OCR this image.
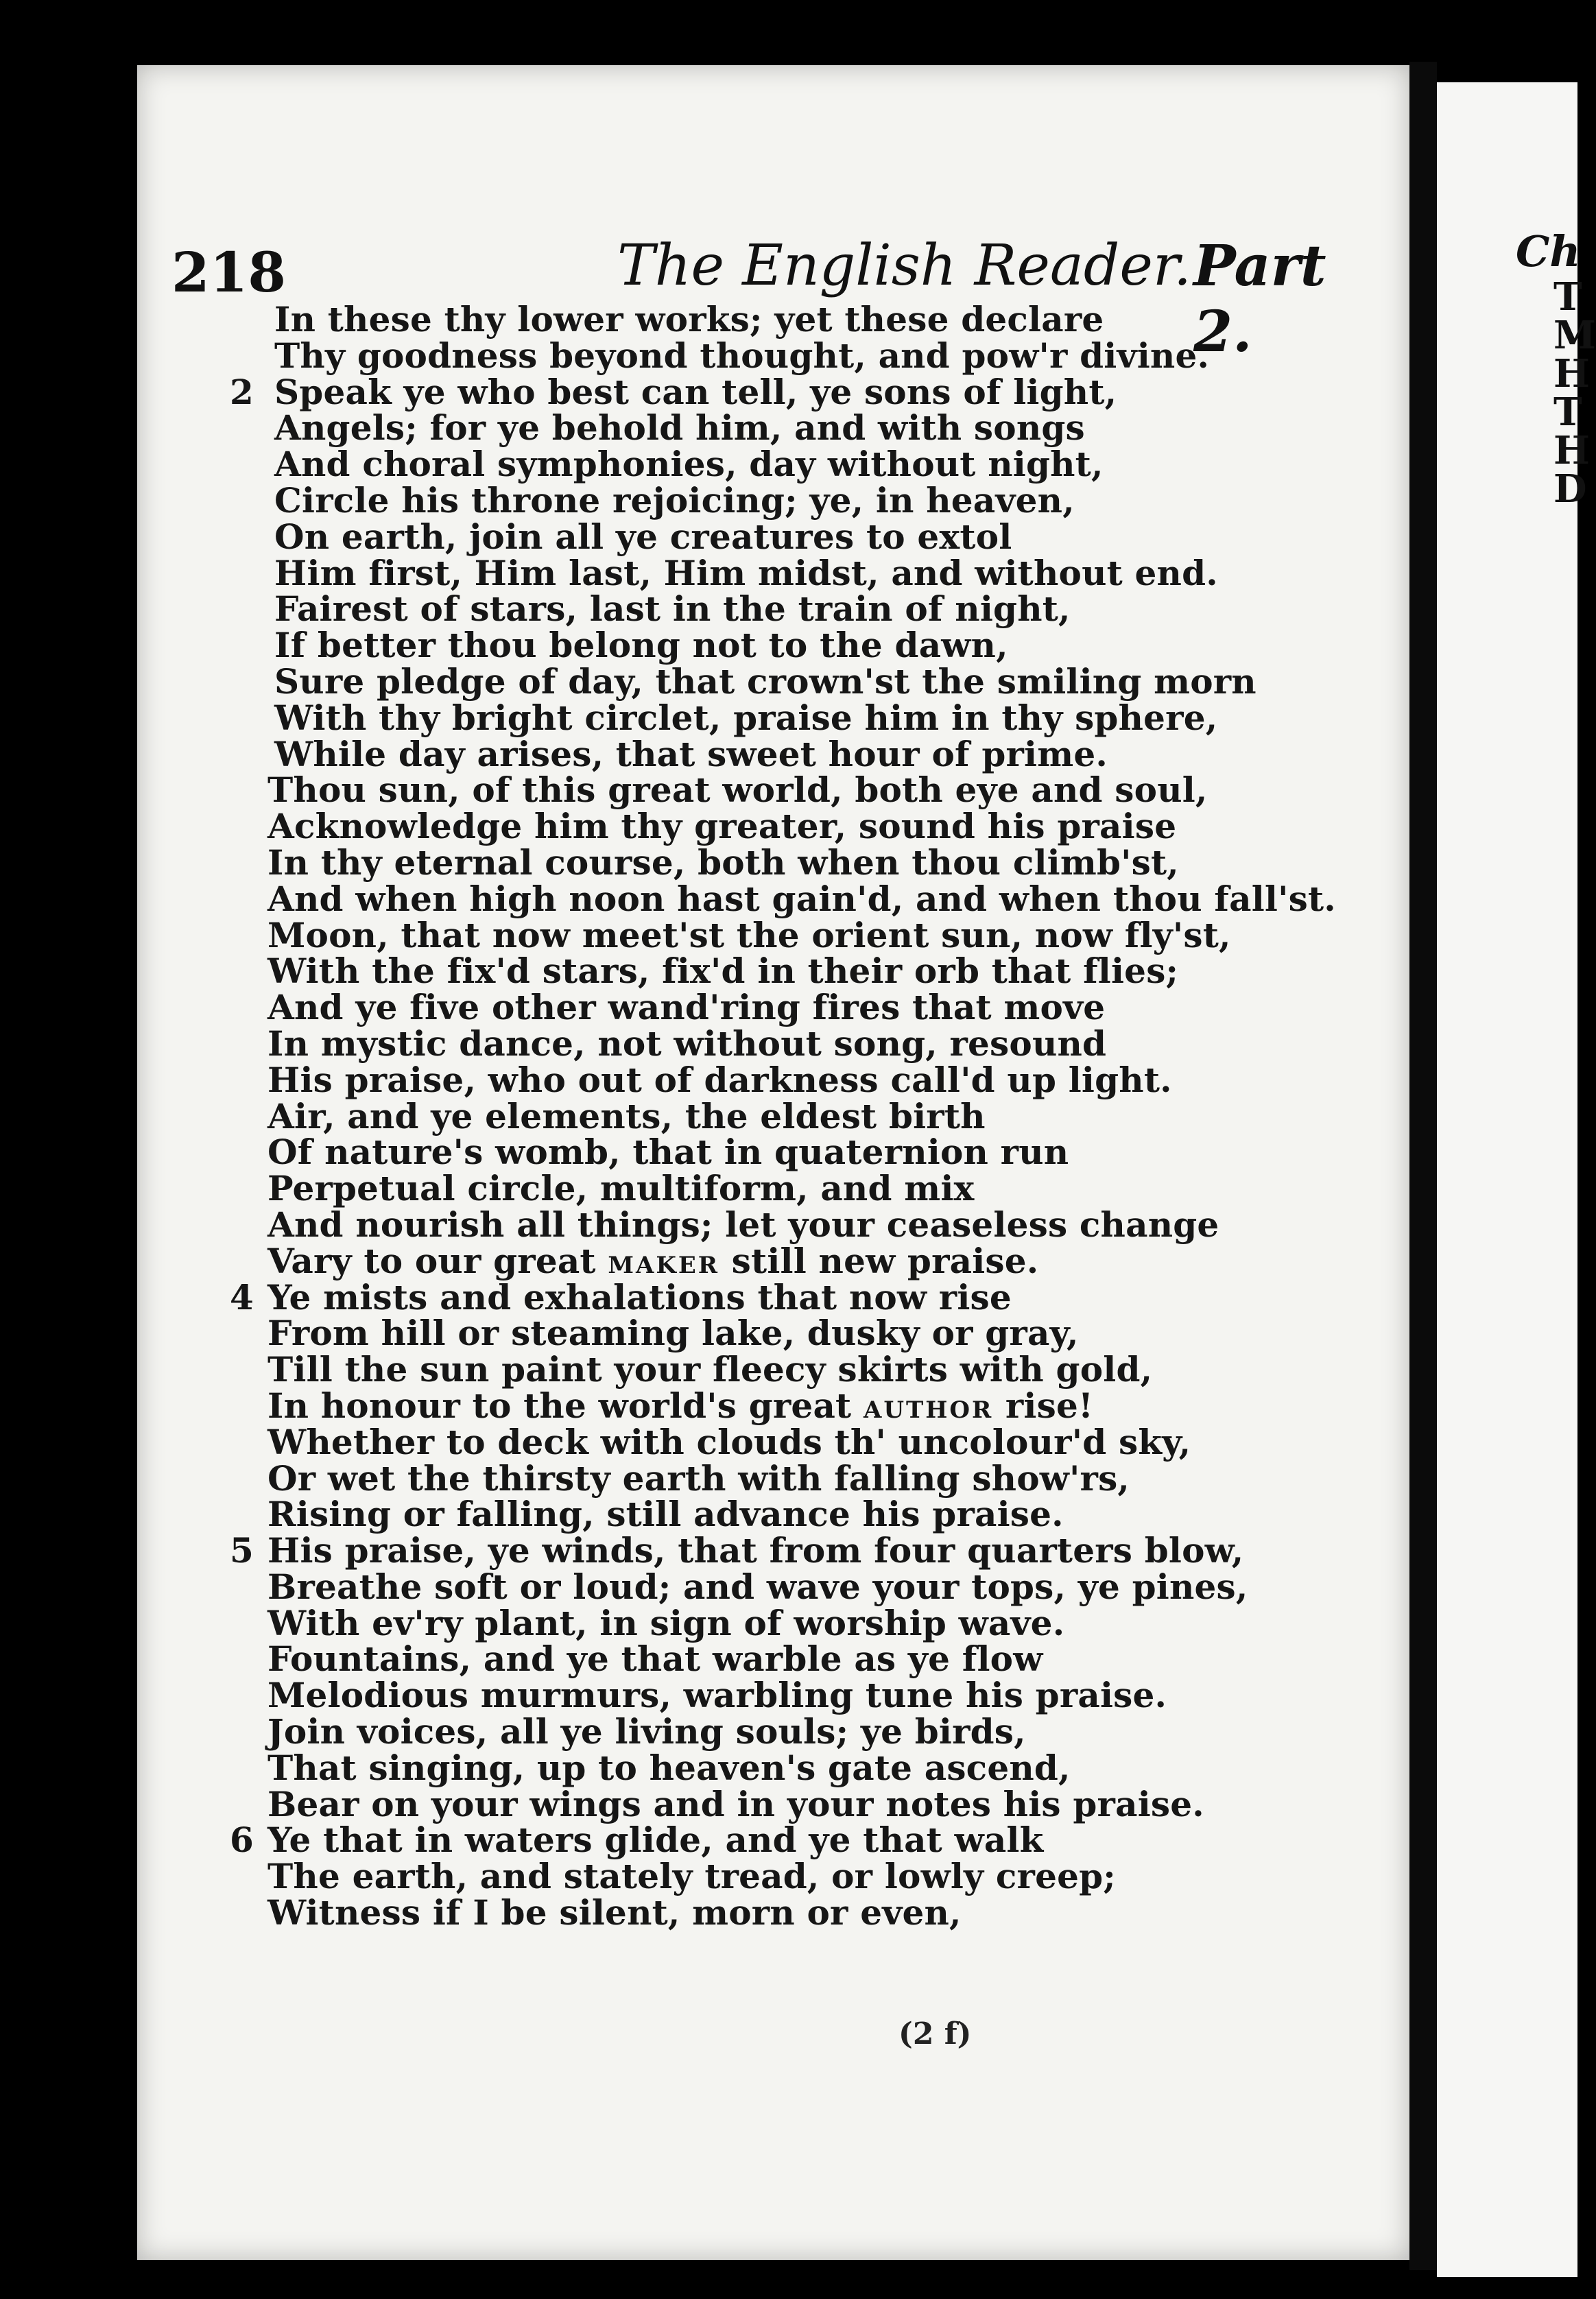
218	The English Reader. Part 2.
In these thy lower works; yet these declare
Thy goodness beyond thought, and pow'r divine.
2 Speak ye who best can tell, ye sons of light,
Angels; for ye behold him, and with songs
And choral symphonies, day without night,
Circle his throne rejoicing; ye, in heaven,
On earth, join all ye creatures to extol
Him first, Him last, Him midst, and without end.
Fairest of stars, last in the train of night,
If better thou belong not to the dawn,
Sure pledge of day, that crown'st the smiling morn
With thy bright circlet, praise him in thy sphere,
While day arises, that sweet hour of prime.
Thou sun, of this great world, both eye and soul,
Acknowledge him thy greater, sound his praise
In thy eternal course, both when thou climb'st,
And when high noon hast gain'd, and when thou fall'st.
Moon, that now meet'st the orient sun, now fly'st,
With the fix'd stars, fix'd in their orb that flies;
And ye five other wand'ring fires that move
In mystic dance, not without song, resound
His praise, who out of darkness call'd up light.
Air, and ye elements, the eldest birth
Of nature's womb, that in quaternion run
Perpetual circle, multiform, and mix
And nourish all things; let your ceaseless change
Vary to our great MAKER still new praise.
4 Ye mists and exhalations that now rise
From hill or steaming lake, dusky or gray,
Till the sun paint your fleecy skirts with gold,
In honour to the world's great AUTHOR rise!
Whether to deck with clouds th' uncolour'd sky,
Or wet the thirsty earth with falling show'rs,
Rising or falling, still advance his praise.
5 His praise, ye winds, that from four quarters blow,
Breathe soft or loud; and wave your tops, ye pines,
With ev'ry plant, in sign of worship wave.
Fountains, and ye that warble as ye flow
Melodious murmurs, warbling tune his praise.
Join voices, all ye living souls; ye birds,
That singing, up to heaven's gate ascend,
Bear on your wings and in your notes his praise.
6 Ye that in waters glide, and ye that walk
The earth, and stately tread, or lowly creep;
Witness if I be silent, morn or even,
(2 f)
Ch
T
M
H
T
H
D
